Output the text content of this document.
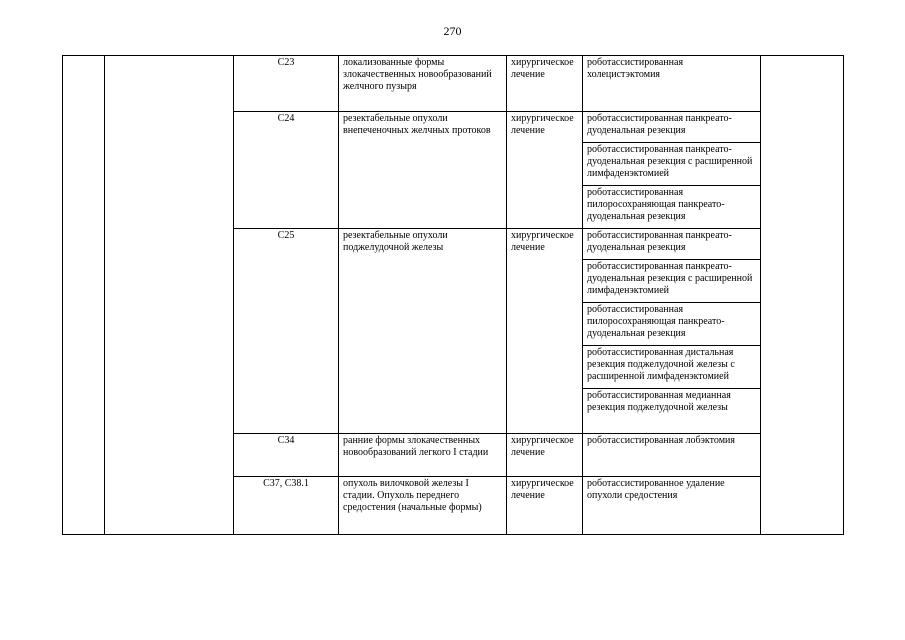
270
		C23	локализованные формы злокачественных новообразований желчного пузыря	хирургическое лечение	роботассистированная холецистэктомия	
		C24	резектабельные опухоли внепеченочных желчных протоков	хирургическое лечение	роботассистированная панкреато-дуоденальная резекция	
					роботассистированная панкреато-дуоденальная резекция с расширенной лимфаденэктомией	
					роботассистированная пилоросохраняющая панкреато-дуоденальная резекция	
		C25	резектабельные опухоли поджелудочной железы	хирургическое лечение	роботассистированная панкреато-дуоденальная резекция	
					роботассистированная панкреато-дуоденальная резекция с расширенной лимфаденэктомией	
					роботассистированная пилоросохраняющая панкреато-дуоденальная резекция	
					роботассистированная дистальная резекция поджелудочной железы с расширенной лимфаденэктомией	
					роботассистированная медианная резекция поджелудочной железы	
		C34	ранние формы злокачественных новообразований легкого I стадии	хирургическое лечение	роботассистированная лобэктомия	
		C37, C38.1	опухоль вилочковой железы I стадии. Опухоль переднего средостения (начальные формы)	хирургическое лечение	роботассистированное удаление опухоли средостения	
